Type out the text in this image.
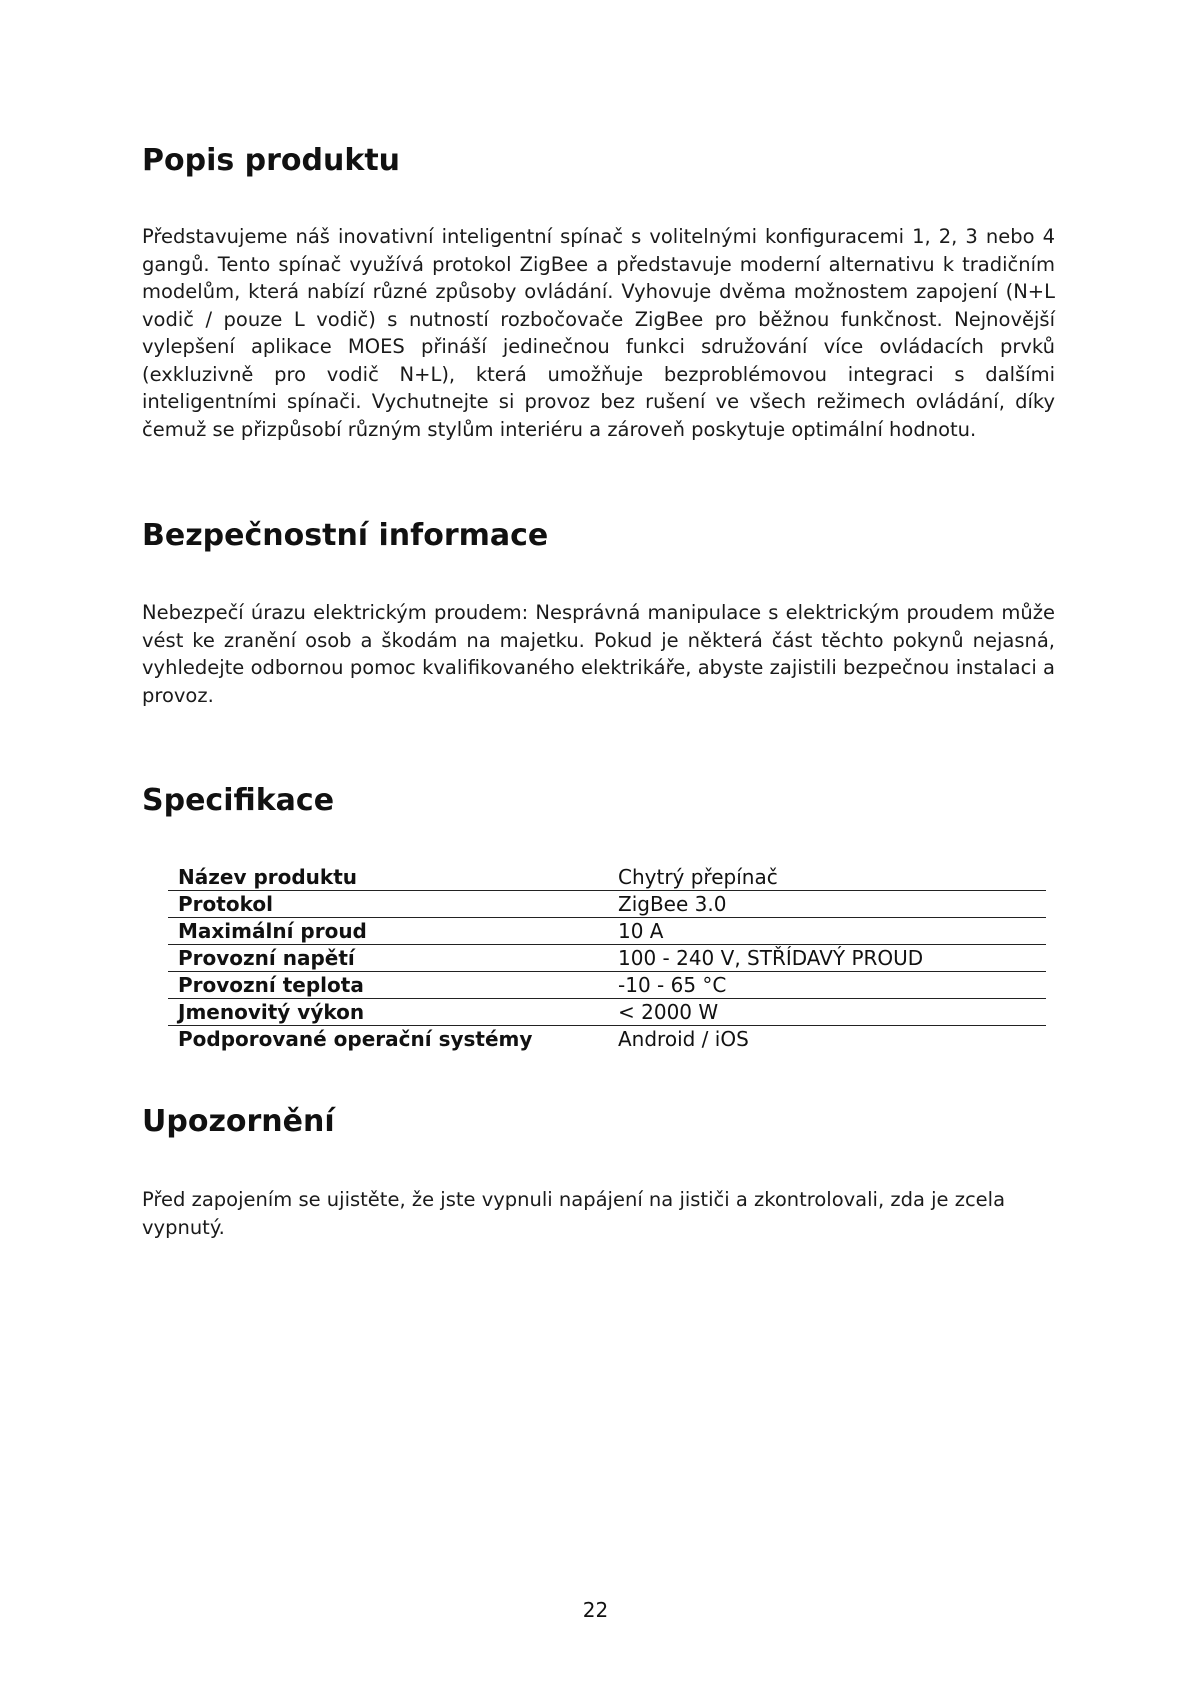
Popis produktu

Představujeme náš inovativní inteligentní spínač s volitelnými konfiguracemi 1, 2, 3 nebo 4 gangů. Tento spínač využívá protokol ZigBee a představuje moderní alternativu k tradičním modelům, která nabízí různé způsoby ovládání. Vyhovuje dvěma možnostem zapojení (N+L vodič / pouze L vodič) s nutností rozbočovače ZigBee pro běžnou funkčnost. Nejnovější vylepšení aplikace MOES přináší jedinečnou funkci sdružování více ovládacích prvků (exkluzivně pro vodič N+L), která umožňuje bezproblémovou integraci s dalšími inteligentními spínači. Vychutnejte si provoz bez rušení ve všech režimech ovládání, díky čemuž se přizpůsobí různým stylům interiéru a zároveň poskytuje optimální hodnotu.

Bezpečnostní informace

Nebezpečí úrazu elektrickým proudem: Nesprávná manipulace s elektrickým proudem může vést ke zranění osob a škodám na majetku. Pokud je některá část těchto pokynů nejasná, vyhledejte odbornou pomoc kvalifikovaného elektrikáře, abyste zajistili bezpečnou instalaci a provoz.

Specifikace
Název produktu	Chytrý přepínač
Protokol	ZigBee 3.0
Maximální proud	10 A
Provozní napětí	100 - 240 V, STŘÍDAVÝ PROUD
Provozní teplota	-10 - 65 °C
Jmenovitý výkon	< 2000 W
Podporované operační systémy	Android / iOS
Upozornění

Před zapojením se ujistěte, že jste vypnuli napájení na jističi a zkontrolovali, zda je zcela vypnutý.

22
